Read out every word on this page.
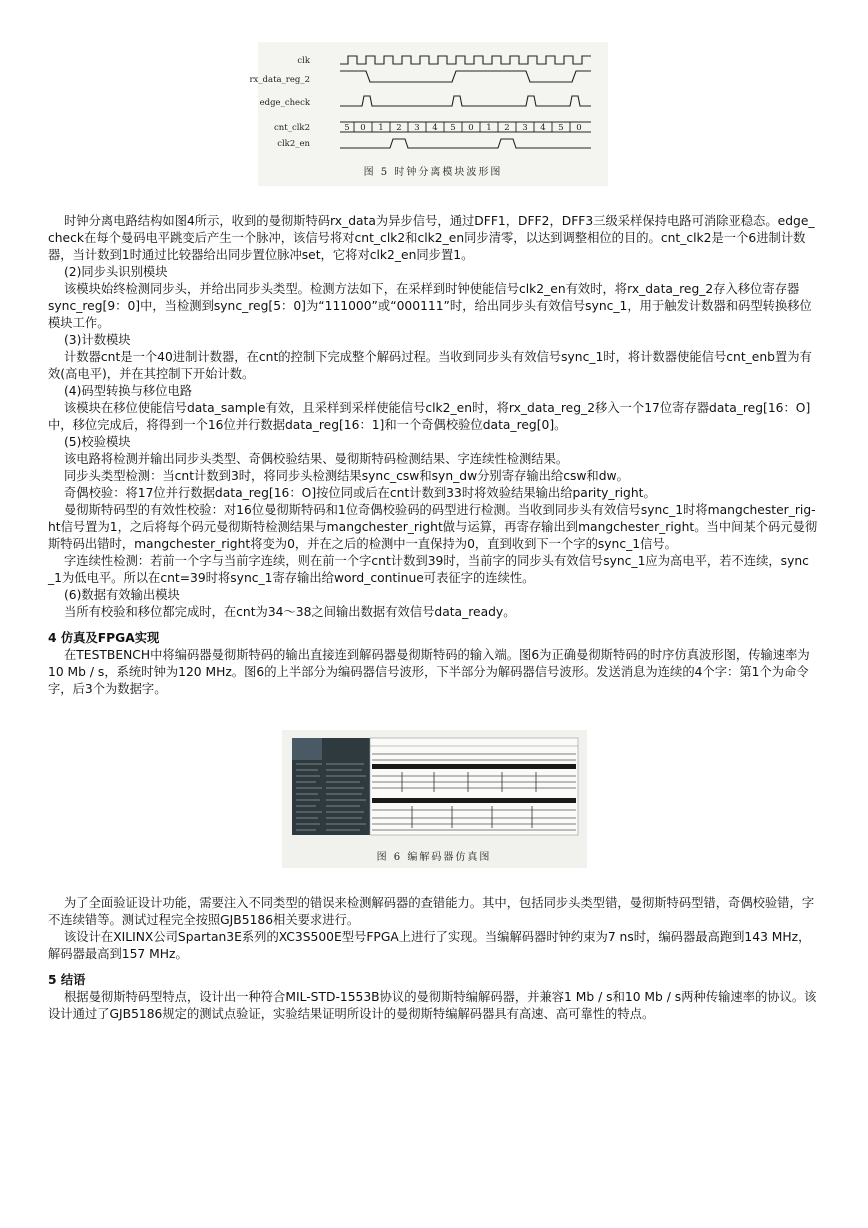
clk
rx_data_reg_2
edge_check
cnt_clk2
clk2_en
5 0 1 2 3 4 5 0 1 2 3 4 5 0
图 5 时钟分离模块波形图

时钟分离电路结构如图4所示，收到的曼彻斯特码rx_data为异步信号，通过DFF1，DFF2，DFF3三级采样保持电路可消除亚稳态。edge_ check在每个曼码电平跳变后产生一个脉冲，该信号将对cnt_clk2和clk2_en同步清零，以达到调整相位的目的。cnt_clk2是一个6进制计数器，当计数到1时通过比较器给出同步置位脉冲set，它将对clk2_en同步置1。

(2)同步头识别模块

该模块始终检测同步头，并给出同步头类型。检测方法如下，在采样到时钟使能信号clk2_en有效时，将rx_data_reg_2存入移位寄存器sync_reg[9：0]中，当检测到sync_reg[5：0]为“111000”或“000111”时，给出同步头有效信号sync_1，用于触发计数器和码型转换移位模块工作。

(3)计数模块

计数器cnt是一个40进制计数器，在cnt的控制下完成整个解码过程。当收到同步头有效信号sync_1时，将计数器使能信号cnt_enb置为有效(高电平)，并在其控制下开始计数。

(4)码型转换与移位电路

该模块在移位使能信号data_sample有效，且采样到采样使能信号clk2_en时，将rx_data_reg_2移入一个17位寄存器data_reg[16：O]中，移位完成后，将得到一个16位并行数据data_reg[16：1]和一个奇偶校验位data_reg[0]。

(5)校验模块

该电路将检测并输出同步头类型、奇偶校验结果、曼彻斯特码检测结果、字连续性检测结果。

同步头类型检测：当cnt计数到3时，将同步头检测结果sync_csw和syn_dw分别寄存输出给csw和dw。

奇偶校验：将17位并行数据data_reg[16：O]按位同或后在cnt计数到33时将效验结果输出给parity_right。

曼彻斯特码型的有效性校验：对16位曼彻斯特码和1位奇偶校验码的码型进行检测。当收到同步头有效信号sync_1时将mangchester_rig-ht信号置为1，之后将每个码元曼彻斯特检测结果与mangchester_right做与运算，再寄存输出到mangchester_right。当中间某个码元曼彻斯特码出错时，mangchester_right将变为0，并在之后的检测中一直保持为0，直到收到下一个字的sync_1信号。

字连续性检测：若前一个字与当前字连续，则在前一个字cnt计数到39时，当前字的同步头有效信号sync_1应为高电平，若不连续，sync _1为低电平。所以在cnt=39时将sync_1寄存输出给word_continue可表征字的连续性。

(6)数据有效输出模块

当所有校验和移位都完成时，在cnt为34～38之间输出数据有效信号data_ready。

4 仿真及FPGA实现

在TESTBENCH中将编码器曼彻斯特码的输出直接连到解码器曼彻斯特码的输入端。图6为正确曼彻斯特码的时序仿真波形图，传输速率为10 Mb / s，系统时钟为120 MHz。图6的上半部分为编码器信号波形，下半部分为解码器信号波形。发送消息为连续的4个字：第1个为命令字，后3个为数据字。

图 6 编解码器仿真图

为了全面验证设计功能，需要注入不同类型的错误来检测解码器的查错能力。其中，包括同步头类型错，曼彻斯特码型错，奇偶校验错，字不连续错等。测试过程完全按照GJB5186相关要求进行。

该设计在XILINX公司Spartan3E系列的XC3S500E型号FPGA上进行了实现。当编解码器时钟约束为7 ns时，编码器最高跑到143 MHz，解码器最高到157 MHz。

5 结语

根据曼彻斯特码型特点，设计出一种符合MIL-STD-1553B协议的曼彻斯特编解码器，并兼容1 Mb / s和10 Mb / s两种传输速率的协议。该设计通过了GJB5186规定的测试点验证，实验结果证明所设计的曼彻斯特编解码器具有高速、高可靠性的特点。
